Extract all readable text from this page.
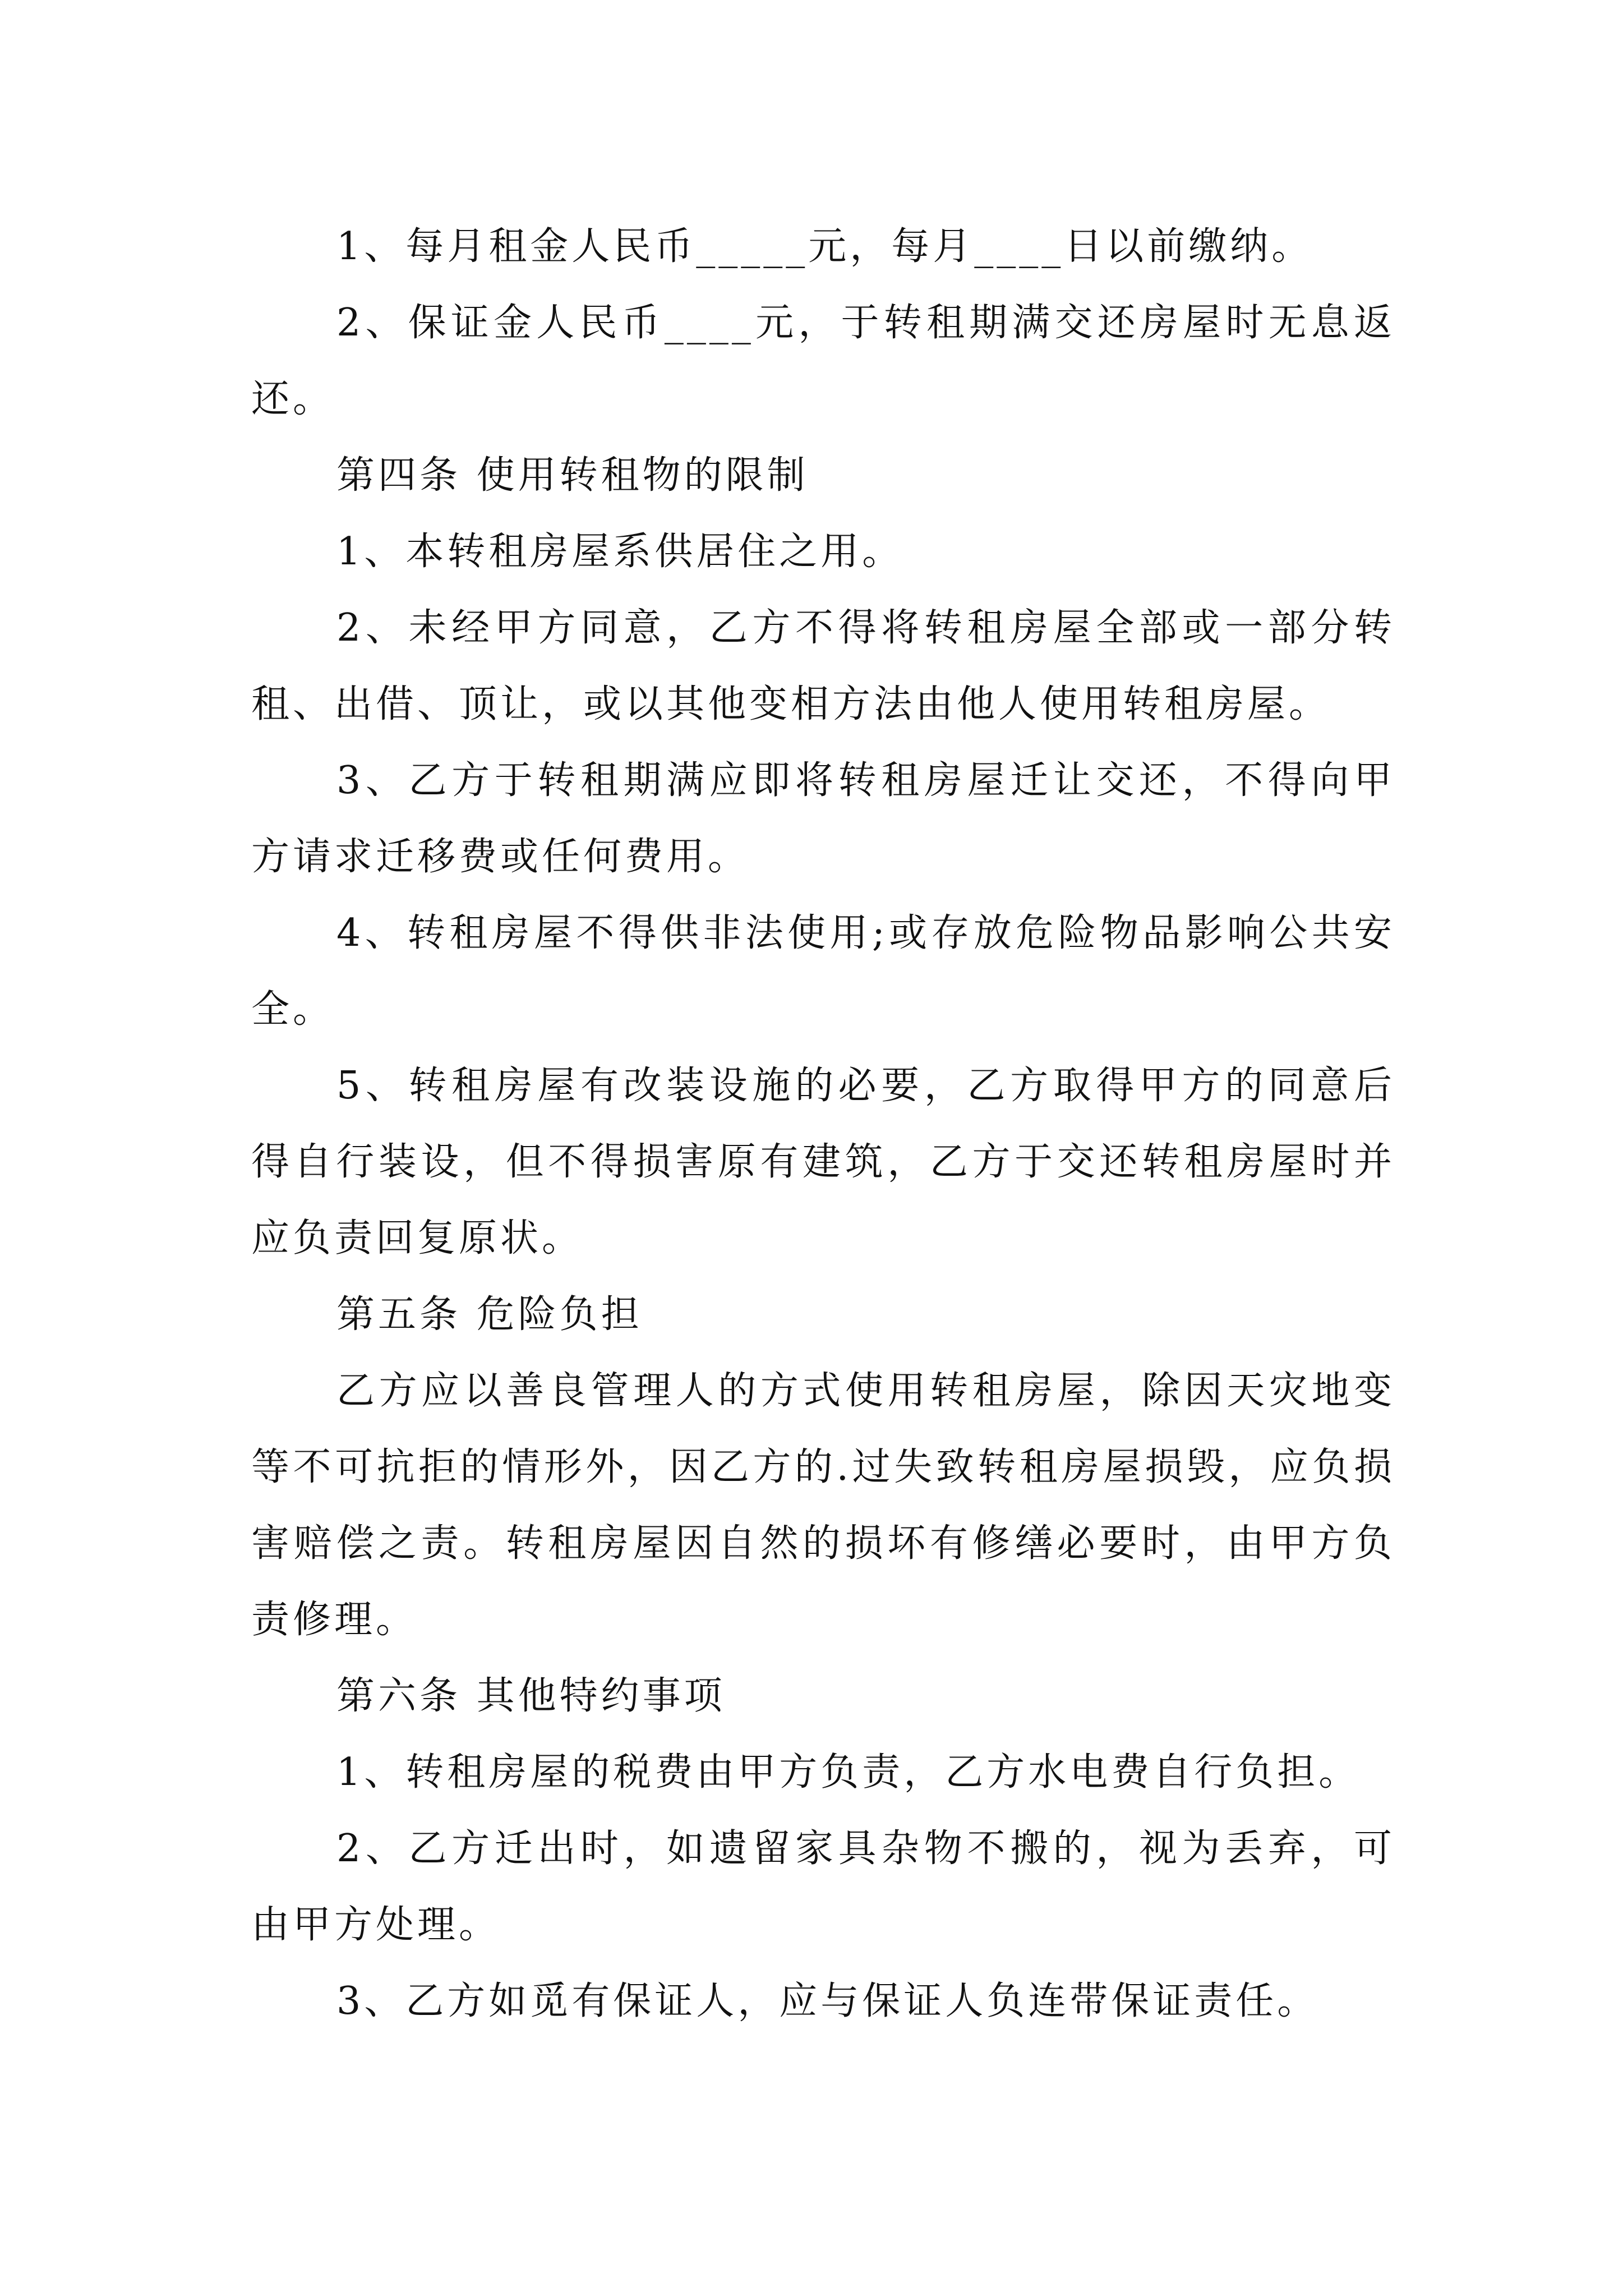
1、每月租金人民币_____元，每月____日以前缴纳。

2、保证金人民币____元，于转租期满交还房屋时无息返还。

第四条 使用转租物的限制

1、本转租房屋系供居住之用。

2、未经甲方同意，乙方不得将转租房屋全部或一部分转租、出借、顶让，或以其他变相方法由他人使用转租房屋。

3、乙方于转租期满应即将转租房屋迁让交还，不得向甲方请求迁移费或任何费用。

4、转租房屋不得供非法使用;或存放危险物品影响公共安全。

5、转租房屋有改装设施的必要，乙方取得甲方的同意后得自行装设，但不得损害原有建筑，乙方于交还转租房屋时并应负责回复原状。

第五条 危险负担

乙方应以善良管理人的方式使用转租房屋，除因天灾地变等不可抗拒的情形外，因乙方的.过失致转租房屋损毁，应负损害赔偿之责。转租房屋因自然的损坏有修缮必要时，由甲方负责修理。

第六条 其他特约事项

1、转租房屋的税费由甲方负责，乙方水电费自行负担。

2、乙方迁出时，如遗留家具杂物不搬的，视为丢弃，可由甲方处理。

3、乙方如觅有保证人，应与保证人负连带保证责任。
